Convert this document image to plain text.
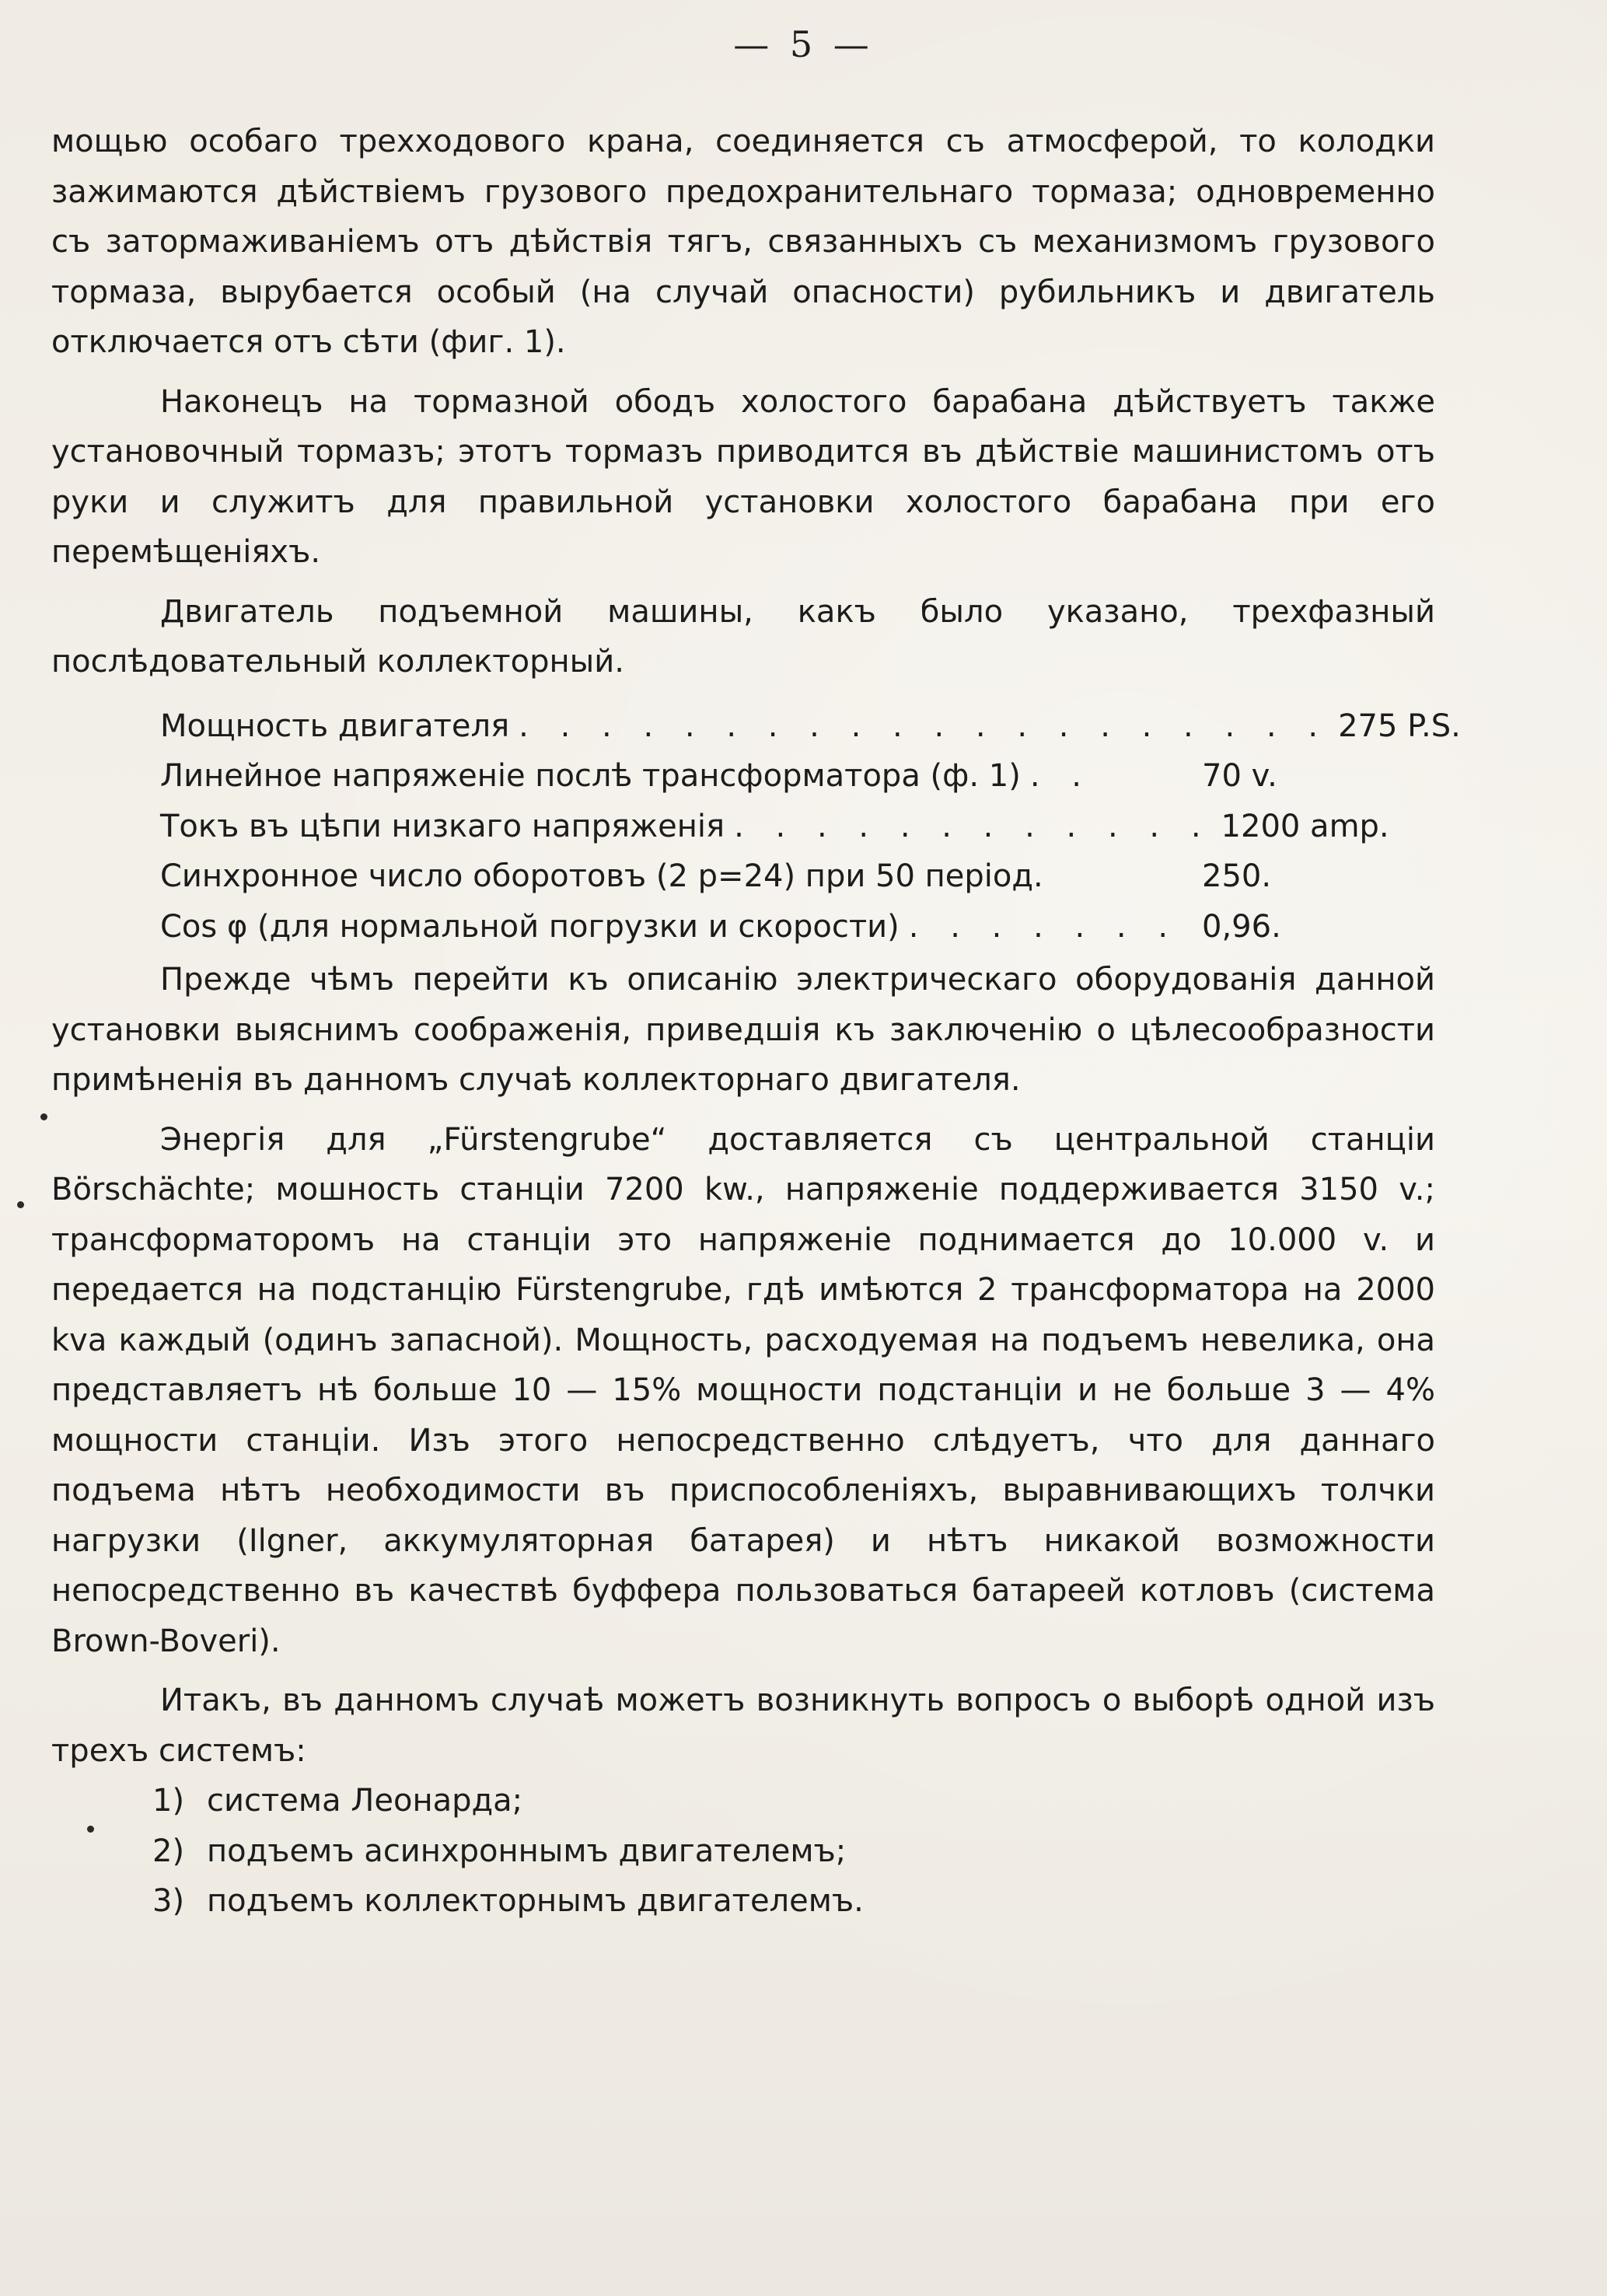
— 5 —

мощью особаго трехходового крана, соединяется съ атмосферой, то колодки зажимаются дѣйствіемъ грузового предохранительнаго тормаза; одновременно съ затормаживаніемъ отъ дѣйствія тягъ, связанныхъ съ механизмомъ грузового тормаза, вырубается особый (на случай опасности) рубильникъ и двигатель отключается отъ сѣти (фиг. 1).

Наконецъ на тормазной ободъ холостого барабана дѣйствуетъ также установочный тормазъ; этотъ тормазъ приводится въ дѣйствіе машинистомъ отъ руки и служитъ для правильной установки холостого барабана при его перемѣщеніяхъ.

Двигатель подъемной машины, какъ было указано, трехфазный послѣдовательный коллекторный.

Мощность двигателя . . . . . . . . . . . . . . . . . . . . 275 P.S.
Линейное напряженіе послѣ трансформатора (ф. 1) . .	70 v.
Токъ въ цѣпи низкаго напряженія . . . . . . . . . . . . 1200 amp.
Синхронное число оборотовъ (2 p=24) при 50 період.	250.
Cos φ (для нормальной погрузки и скорости) . . . . . . . 0,96.

Прежде чѣмъ перейти къ описанію электрическаго оборудованія данной установки выяснимъ соображенія, приведшія къ заключенію о цѣлесообразности примѣненія въ данномъ случаѣ коллекторнаго двигателя.

Энергія для „Fürstengrube“ доставляется съ центральной станціи Börschächte; мошность станціи 7200 kw., напряженіе поддерживается 3150 v.; трансформаторомъ на станціи это напряженіе поднимается до 10.000 v. и передается на подстанцію Fürstengrube, гдѣ имѣются 2 трансформатора на 2000 kva каждый (одинъ запасной). Мощность, расходуемая на подъемъ невелика, она представляетъ нѣ больше 10 — 15% мощности подстанціи и не больше 3 — 4% мощности станціи. Изъ этого непосредственно слѣдуетъ, что для даннаго подъема нѣтъ необходимости въ приспособленіяхъ, выравнивающихъ толчки нагрузки (Ilgner, аккумуляторная батарея) и нѣтъ никакой возможности непосредственно въ качествѣ буффера пользоваться батареей котловъ (система Brown-Boveri).

Итакъ, въ данномъ случаѣ можетъ возникнуть вопросъ о выборѣ одной изъ трехъ системъ:

1) система Леонарда;
2) подъемъ асинхроннымъ двигателемъ;
3) подъемъ коллекторнымъ двигателемъ.
